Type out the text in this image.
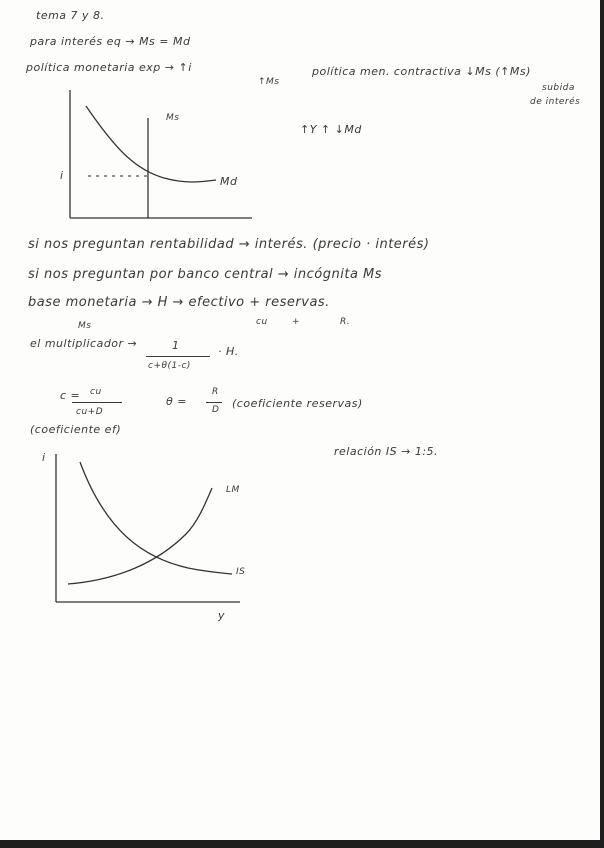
tema 7 y 8.
para interés eq → Ms = Md
política monetaria exp → ↑i
↑Ms
política men. contractiva ↓Ms (↑Ms)
subida
de interés
Ms
Md
i
↑Y ↑ ↓Md
si nos preguntan rentabilidad → interés. (precio · interés)
si nos preguntan por banco central → incógnita Ms
base monetaria → H → efectivo + reservas.
cu	+	R.
Ms
el multiplicador →	1
c+θ(1-c)
· H.
c = cu
cu+D
θ =
R
D (coeficiente reservas)
(coeficiente ef)
relación IS → 1:5.
i
LM
IS
y
